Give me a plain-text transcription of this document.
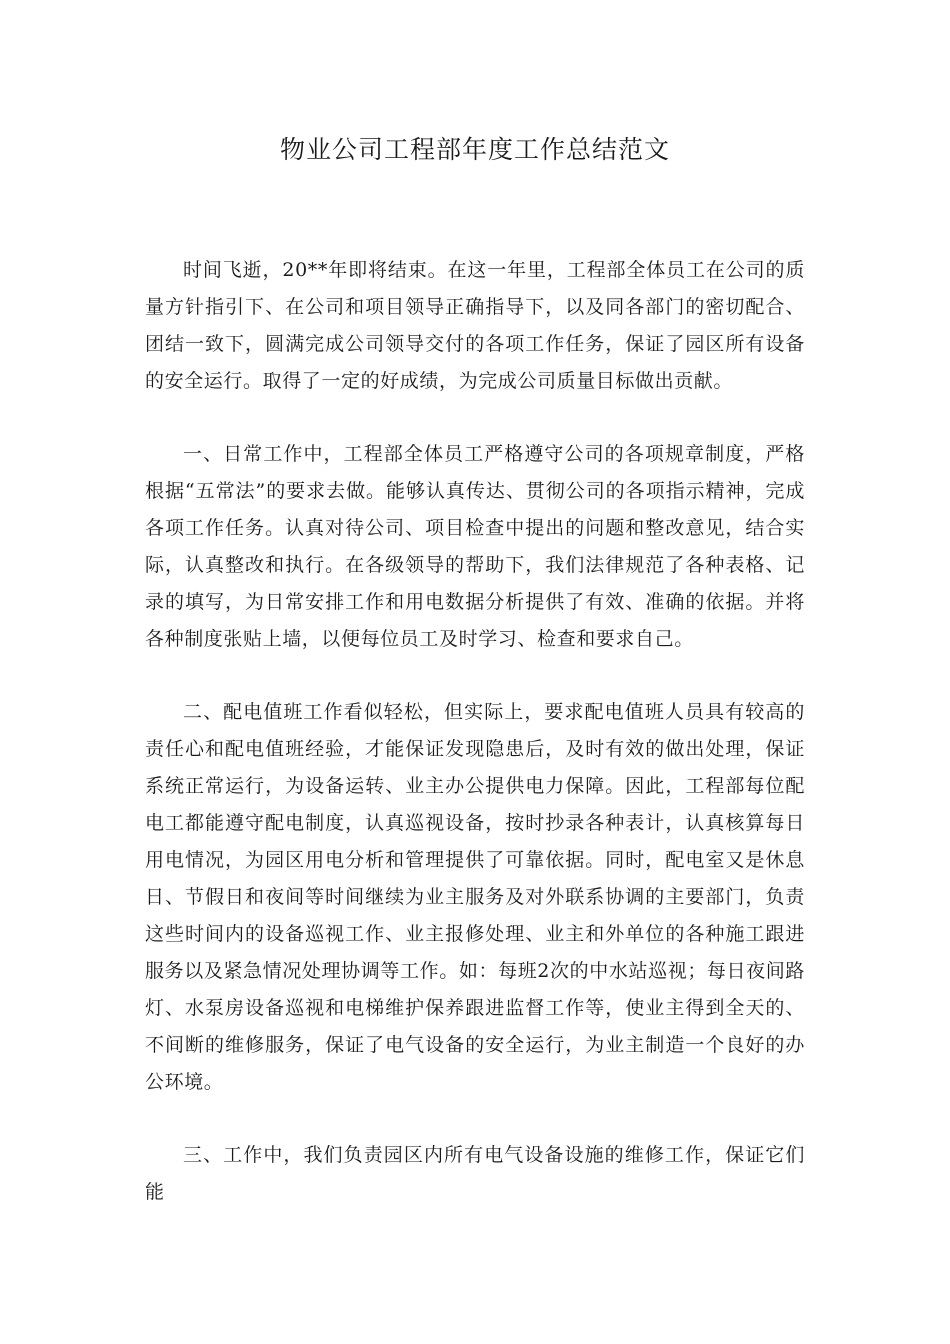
物业公司工程部年度工作总结范文

时间飞逝，20**年即将结束。在这一年里，工程部全体员工在公司的质量方针指引下、在公司和项目领导正确指导下，以及同各部门的密切配合、团结一致下，圆满完成公司领导交付的各项工作任务，保证了园区所有设备的安全运行。取得了一定的好成绩，为完成公司质量目标做出贡献。

一、日常工作中，工程部全体员工严格遵守公司的各项规章制度，严格根据“五常法”的要求去做。能够认真传达、贯彻公司的各项指示精神，完成各项工作任务。认真对待公司、项目检查中提出的问题和整改意见，结合实际，认真整改和执行。在各级领导的帮助下，我们法律规范了各种表格、记录的填写，为日常安排工作和用电数据分析提供了有效、准确的依据。并将各种制度张贴上墙，以便每位员工及时学习、检查和要求自己。

二、配电值班工作看似轻松，但实际上，要求配电值班人员具有较高的责任心和配电值班经验，才能保证发现隐患后，及时有效的做出处理，保证系统正常运行，为设备运转、业主办公提供电力保障。因此，工程部每位配电工都能遵守配电制度，认真巡视设备，按时抄录各种表计，认真核算每日用电情况，为园区用电分析和管理提供了可靠依据。同时，配电室又是休息日、节假日和夜间等时间继续为业主服务及对外联系协调的主要部门，负责这些时间内的设备巡视工作、业主报修处理、业主和外单位的各种施工跟进服务以及紧急情况处理协调等工作。如：每班2次的中水站巡视；每日夜间路灯、水泵房设备巡视和电梯维护保养跟进监督工作等，使业主得到全天的、不间断的维修服务，保证了电气设备的安全运行，为业主制造一个良好的办公环境。

三、工作中，我们负责园区内所有电气设备设施的维修工作，保证它们能
